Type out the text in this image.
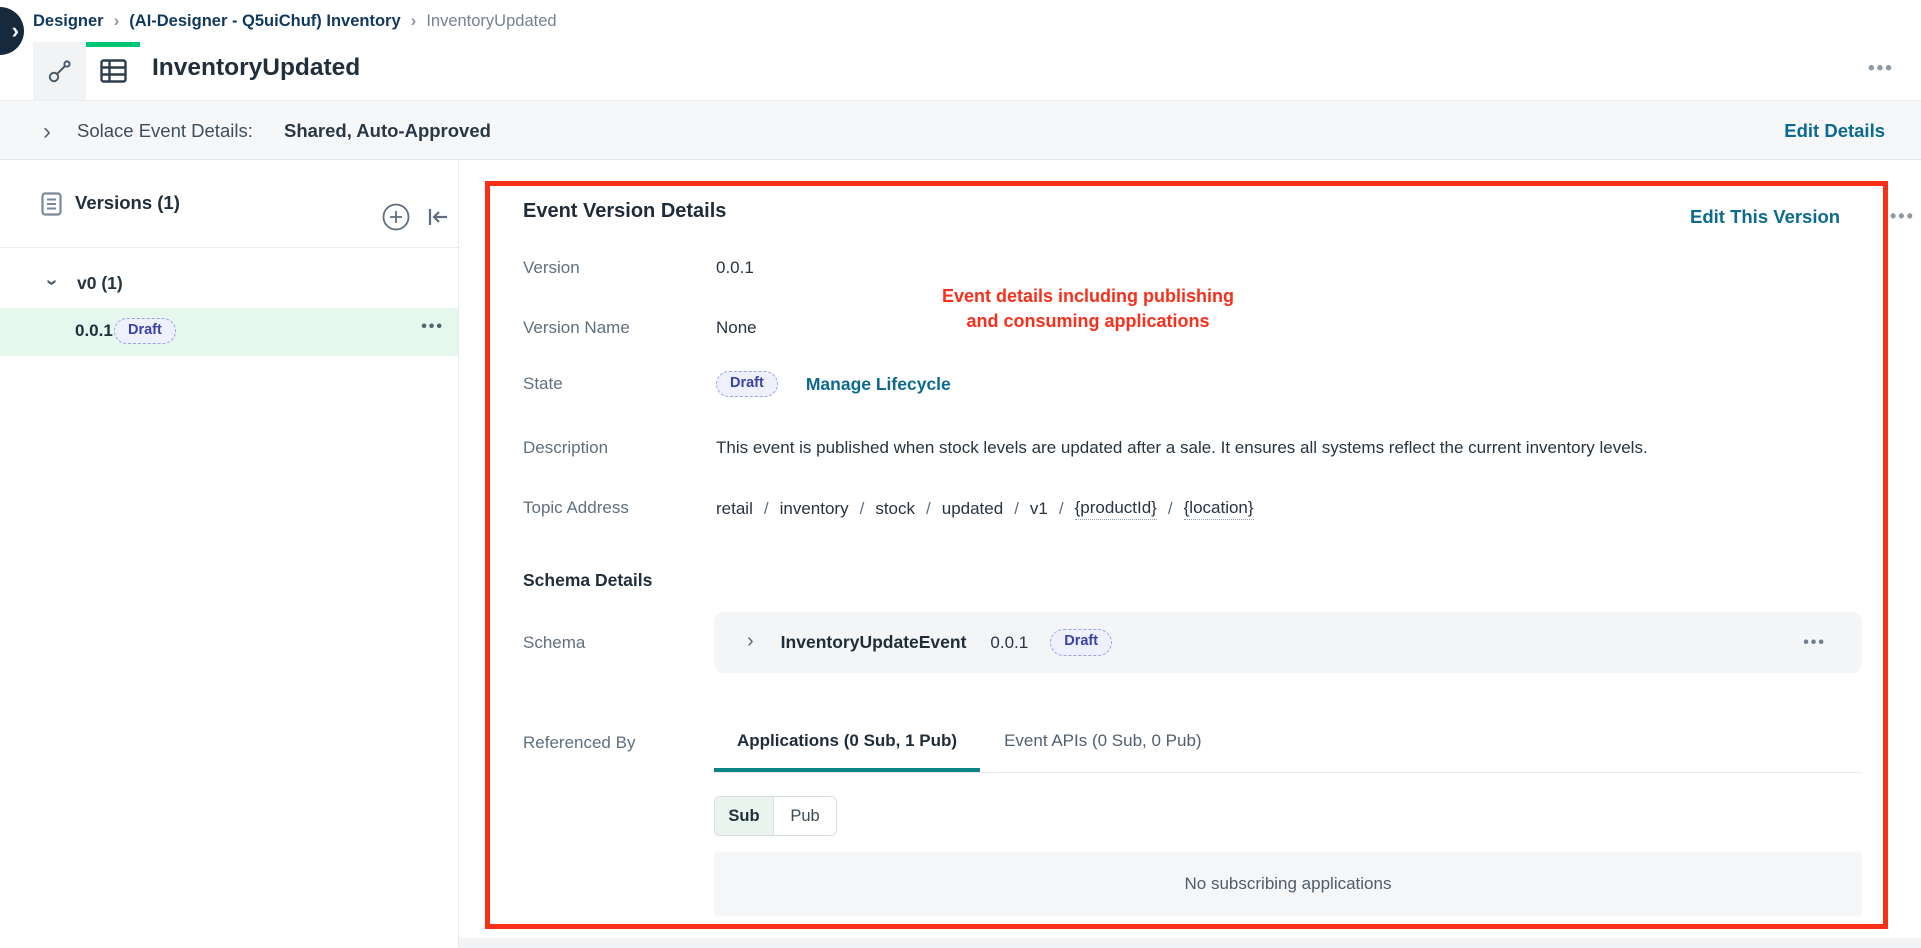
› Designer › (AI-Designer - Q5uiChuf) Inventory › InventoryUpdated
InventoryUpdated	•••
› Solace Event Details: Shared, Auto-Approved	Edit Details
Versions (1)
› v0 (1)
0.0.1	Draft	•••
Event Version Details	Edit This Version	•••
Version	0.0.1
Version Name	None
State	Draft	Manage Lifecycle
Description	This event is published when stock levels are updated after a sale. It ensures all systems reflect the current inventory levels.
Topic Address	retail / inventory / stock / updated / v1 / {productId} / {location}
Schema Details
Schema	› InventoryUpdateEvent 0.0.1	Draft	•••
Referenced By	Applications (0 Sub, 1 Pub)	Event APIs (0 Sub, 0 Pub)
Sub	Pub
No subscribing applications
Event details including publishing
and consuming applications
